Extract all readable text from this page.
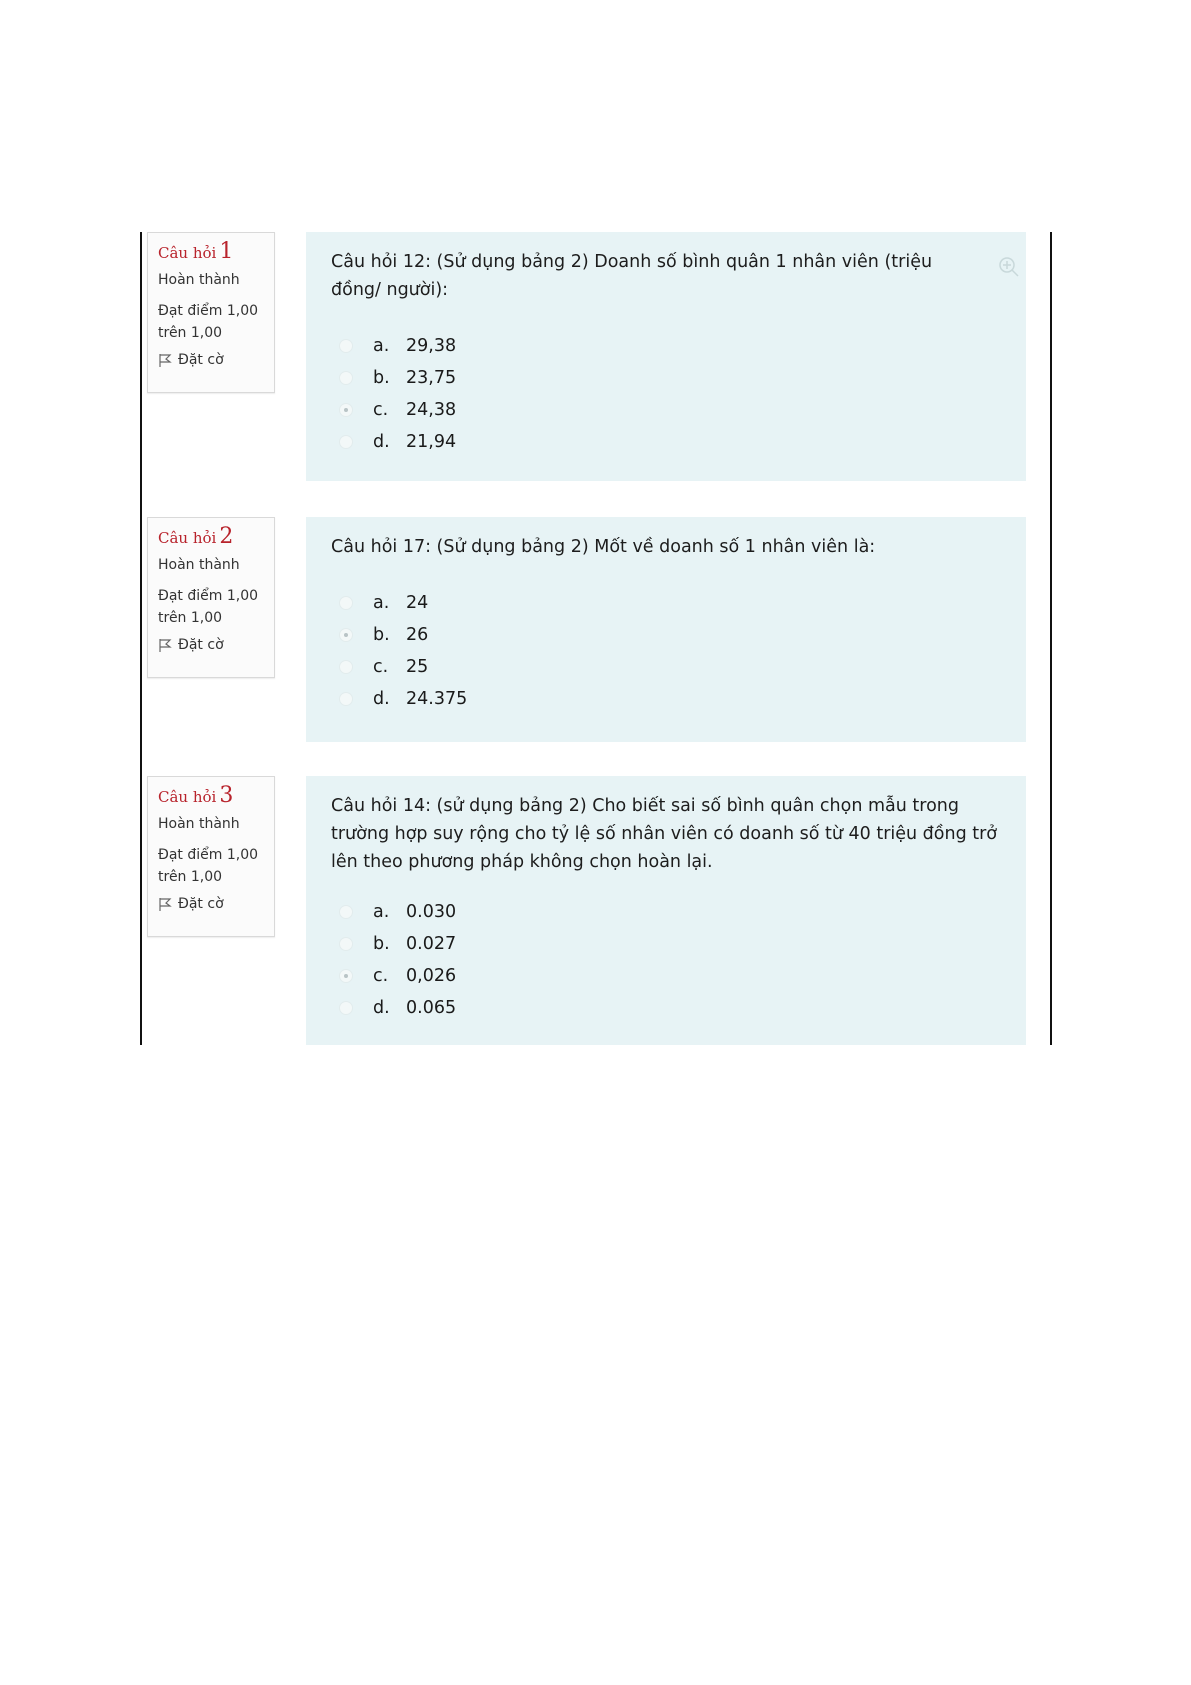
Câu hỏi 1
Hoàn thành
Đạt điểm 1,00
trên 1,00
Đặt cờ
Câu hỏi 12: (Sử dụng bảng 2) Doanh số bình quân 1 nhân viên (triệu đồng/ người):
a. 29,38
b. 23,75
c.	24,38
d. 21,94
Câu hỏi 2
Hoàn thành
Đạt điểm 1,00
trên 1,00
Đặt cờ
Câu hỏi 17: (Sử dụng bảng 2) Mốt về doanh số 1 nhân viên là:
a. 24
b. 26
c.	25
d. 24.375
Câu hỏi 3
Hoàn thành
Đạt điểm 1,00
trên 1,00
Đặt cờ
Câu hỏi 14: (sử dụng bảng 2) Cho biết sai số bình quân chọn mẫu trong trường hợp suy rộng cho tỷ lệ số nhân viên có doanh số từ 40 triệu đồng trở lên theo phương pháp không chọn hoàn lại.
a. 0.030
b. 0.027
c.	0,026
d. 0.065
